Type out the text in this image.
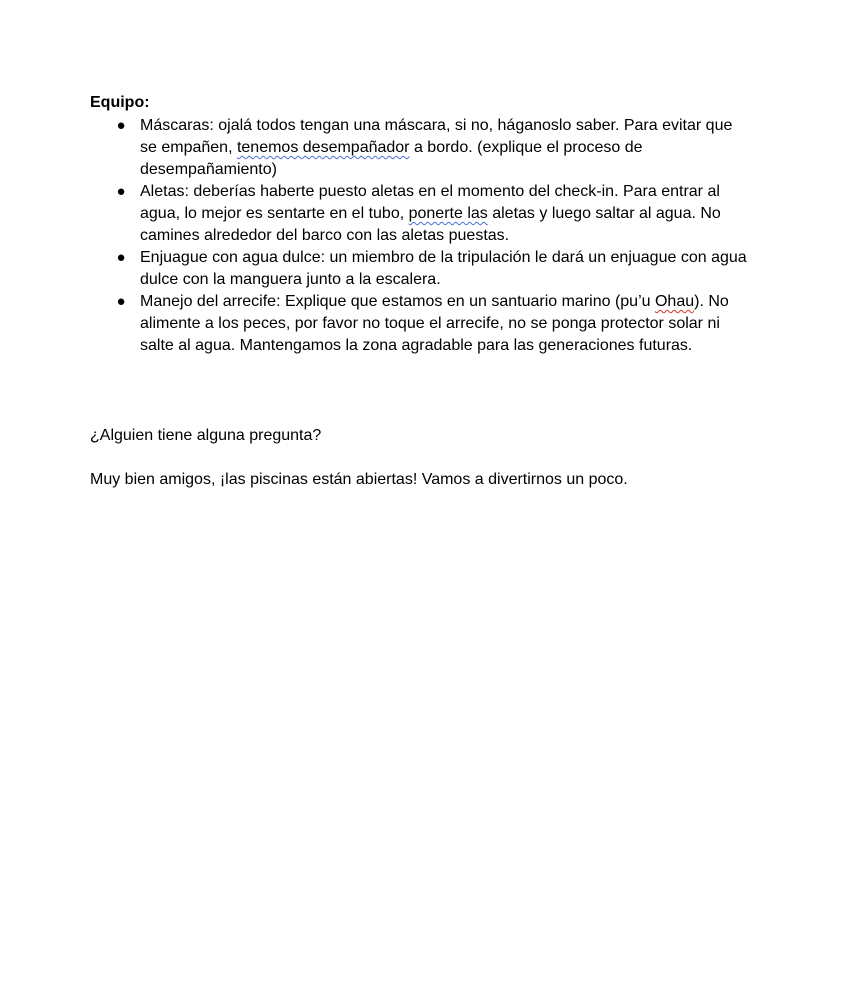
Equipo:

● Máscaras: ojalá todos tengan una máscara, si no, háganoslo saber. Para evitar que se empañen, tenemos desempañador a bordo. (explique el proceso de desempañamiento)
● Aletas: deberías haberte puesto aletas en el momento del check-in. Para entrar al agua, lo mejor es sentarte en el tubo, ponerte las aletas y luego saltar al agua. No camines alrededor del barco con las aletas puestas.
● Enjuague con agua dulce: un miembro de la tripulación le dará un enjuague con agua dulce con la manguera junto a la escalera.
● Manejo del arrecife: Explique que estamos en un santuario marino (pu’u Ohau). No alimente a los peces, por favor no toque el arrecife, no se ponga protector solar ni salte al agua. Mantengamos la zona agradable para las generaciones futuras.

¿Alguien tiene alguna pregunta?

Muy bien amigos, ¡las piscinas están abiertas! Vamos a divertirnos un poco.
